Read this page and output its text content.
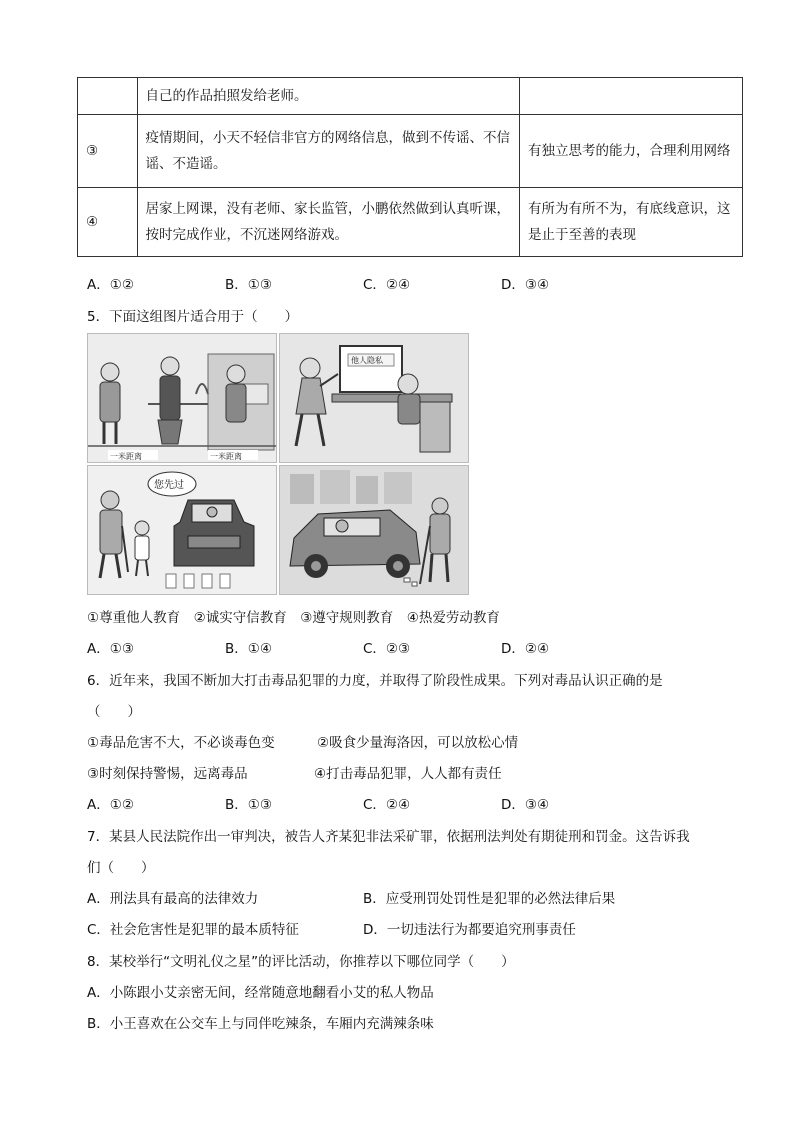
	自己的作品拍照发给老师。	
③	疫情期间，小天不轻信非官方的网络信息，做到不传谣、不信谣、不造谣。	有独立思考的能力，合理利用网络
④	居家上网课，没有老师、家长监管，小鹏依然做到认真听课，按时完成作业，不沉迷网络游戏。	有所为有所不为，有底线意识，这是止于至善的表现
A．①②	B．①③	C．②④	D．③④
5．下面这组图片适合用于（　　）
一米距离	一米距离
他人隐私
您先过
①尊重他人教育　②诚实守信教育　③遵守规则教育　④热爱劳动教育
A．①③	B．①④	C．②③	D．②④
6．近年来，我国不断加大打击毒品犯罪的力度，并取得了阶段性成果。下列对毒品认识正确的是
（　　）
①毒品危害不大，不必谈毒色变	②吸食少量海洛因，可以放松心情
③时刻保持警惕，远离毒品	④打击毒品犯罪，人人都有责任
A．①②	B．①③	C．②④	D．③④
7．某县人民法院作出一审判决，被告人齐某犯非法采矿罪，依据刑法判处有期徒刑和罚金。这告诉我
们（　　）
A．刑法具有最高的法律效力	B．应受刑罚处罚性是犯罪的必然法律后果
C．社会危害性是犯罪的最本质特征	D．一切违法行为都要追究刑事责任
8．某校举行“文明礼仪之星”的评比活动，你推荐以下哪位同学（　　）
A．小陈跟小艾亲密无间，经常随意地翻看小艾的私人物品
B．小王喜欢在公交车上与同伴吃辣条，车厢内充满辣条味
